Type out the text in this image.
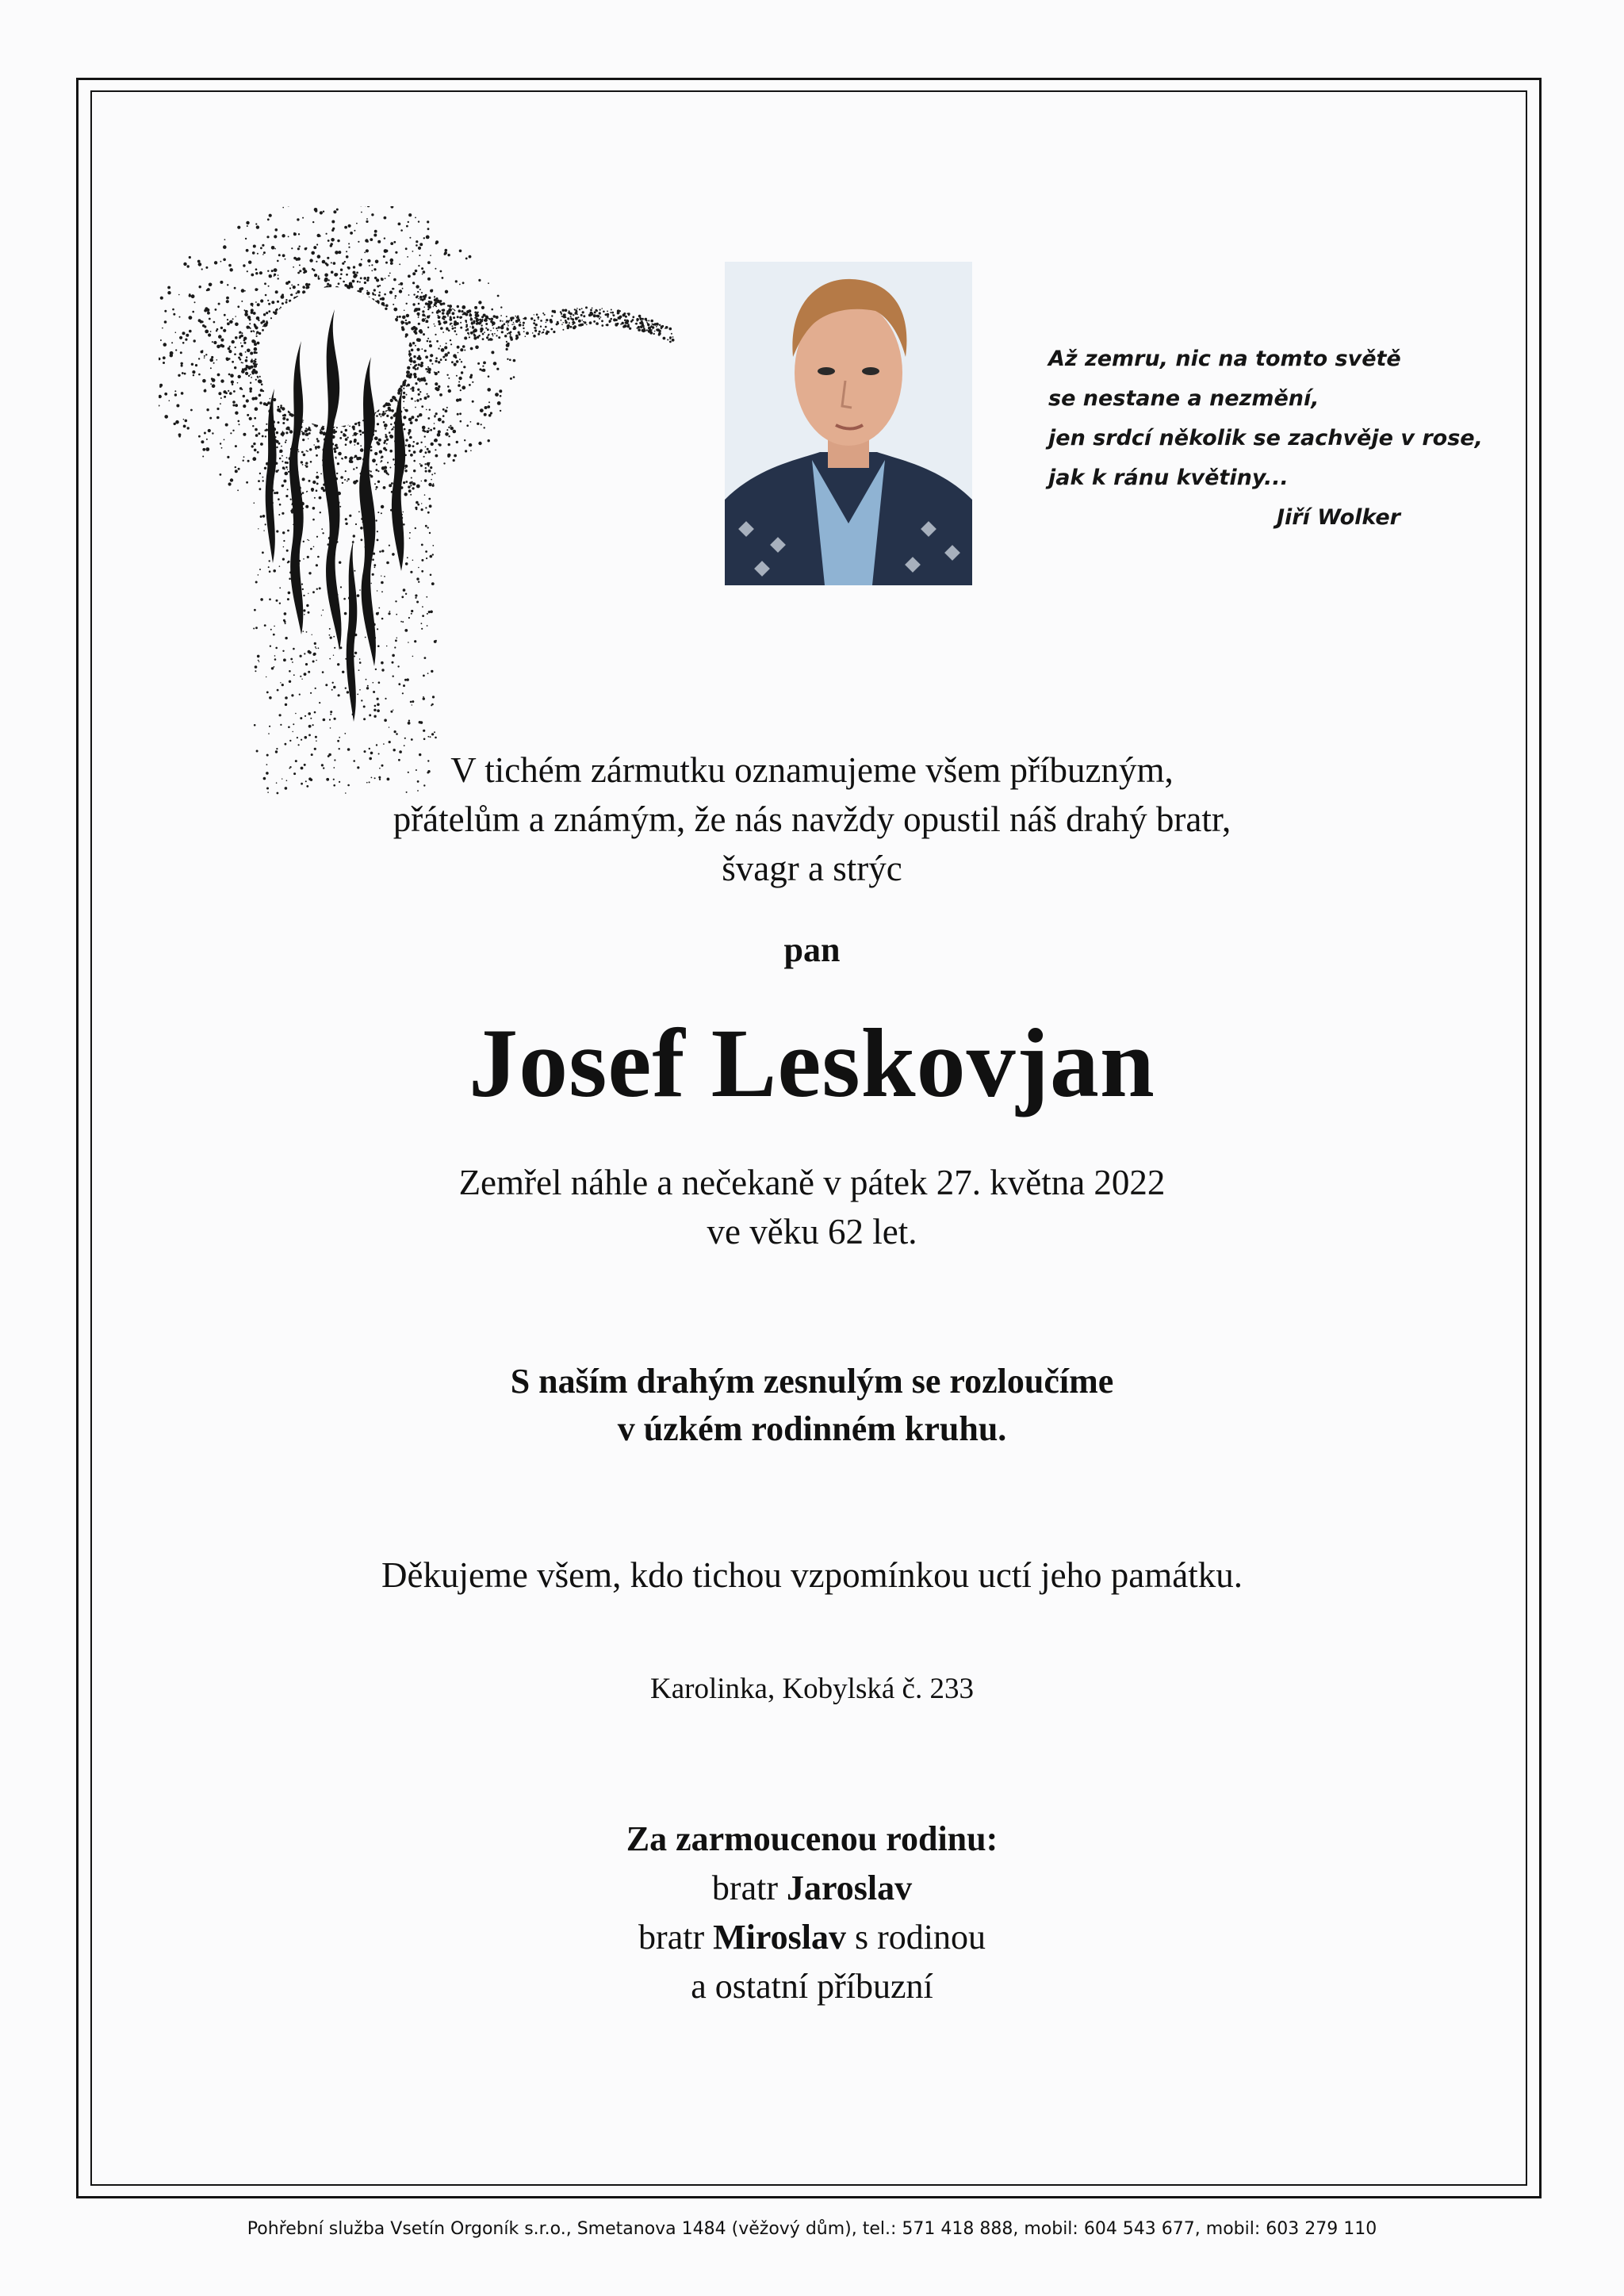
Až zemru, nic na tomto světě
se nestane a nezmění,
jen srdcí několik se zachvěje v rose,
jak k ránu květiny...
Jiří Wolker
V tichém zármutku oznamujeme všem příbuzným,
přátelům a známým, že nás navždy opustil náš drahý bratr,
švagr a strýc
pan
Josef Leskovjan
Zemřel náhle a nečekaně v pátek 27. května 2022
ve věku 62 let.
S naším drahým zesnulým se rozloučíme
v úzkém rodinném kruhu.
Děkujeme všem, kdo tichou vzpomínkou uctí jeho památku.
Karolinka, Kobylská č. 233
Za zarmoucenou rodinu:
bratr Jaroslav
bratr Miroslav s rodinou
a ostatní příbuzní
Pohřební služba Vsetín Orgoník s.r.o., Smetanova 1484 (věžový dům), tel.: 571 418 888, mobil: 604 543 677, mobil: 603 279 110
